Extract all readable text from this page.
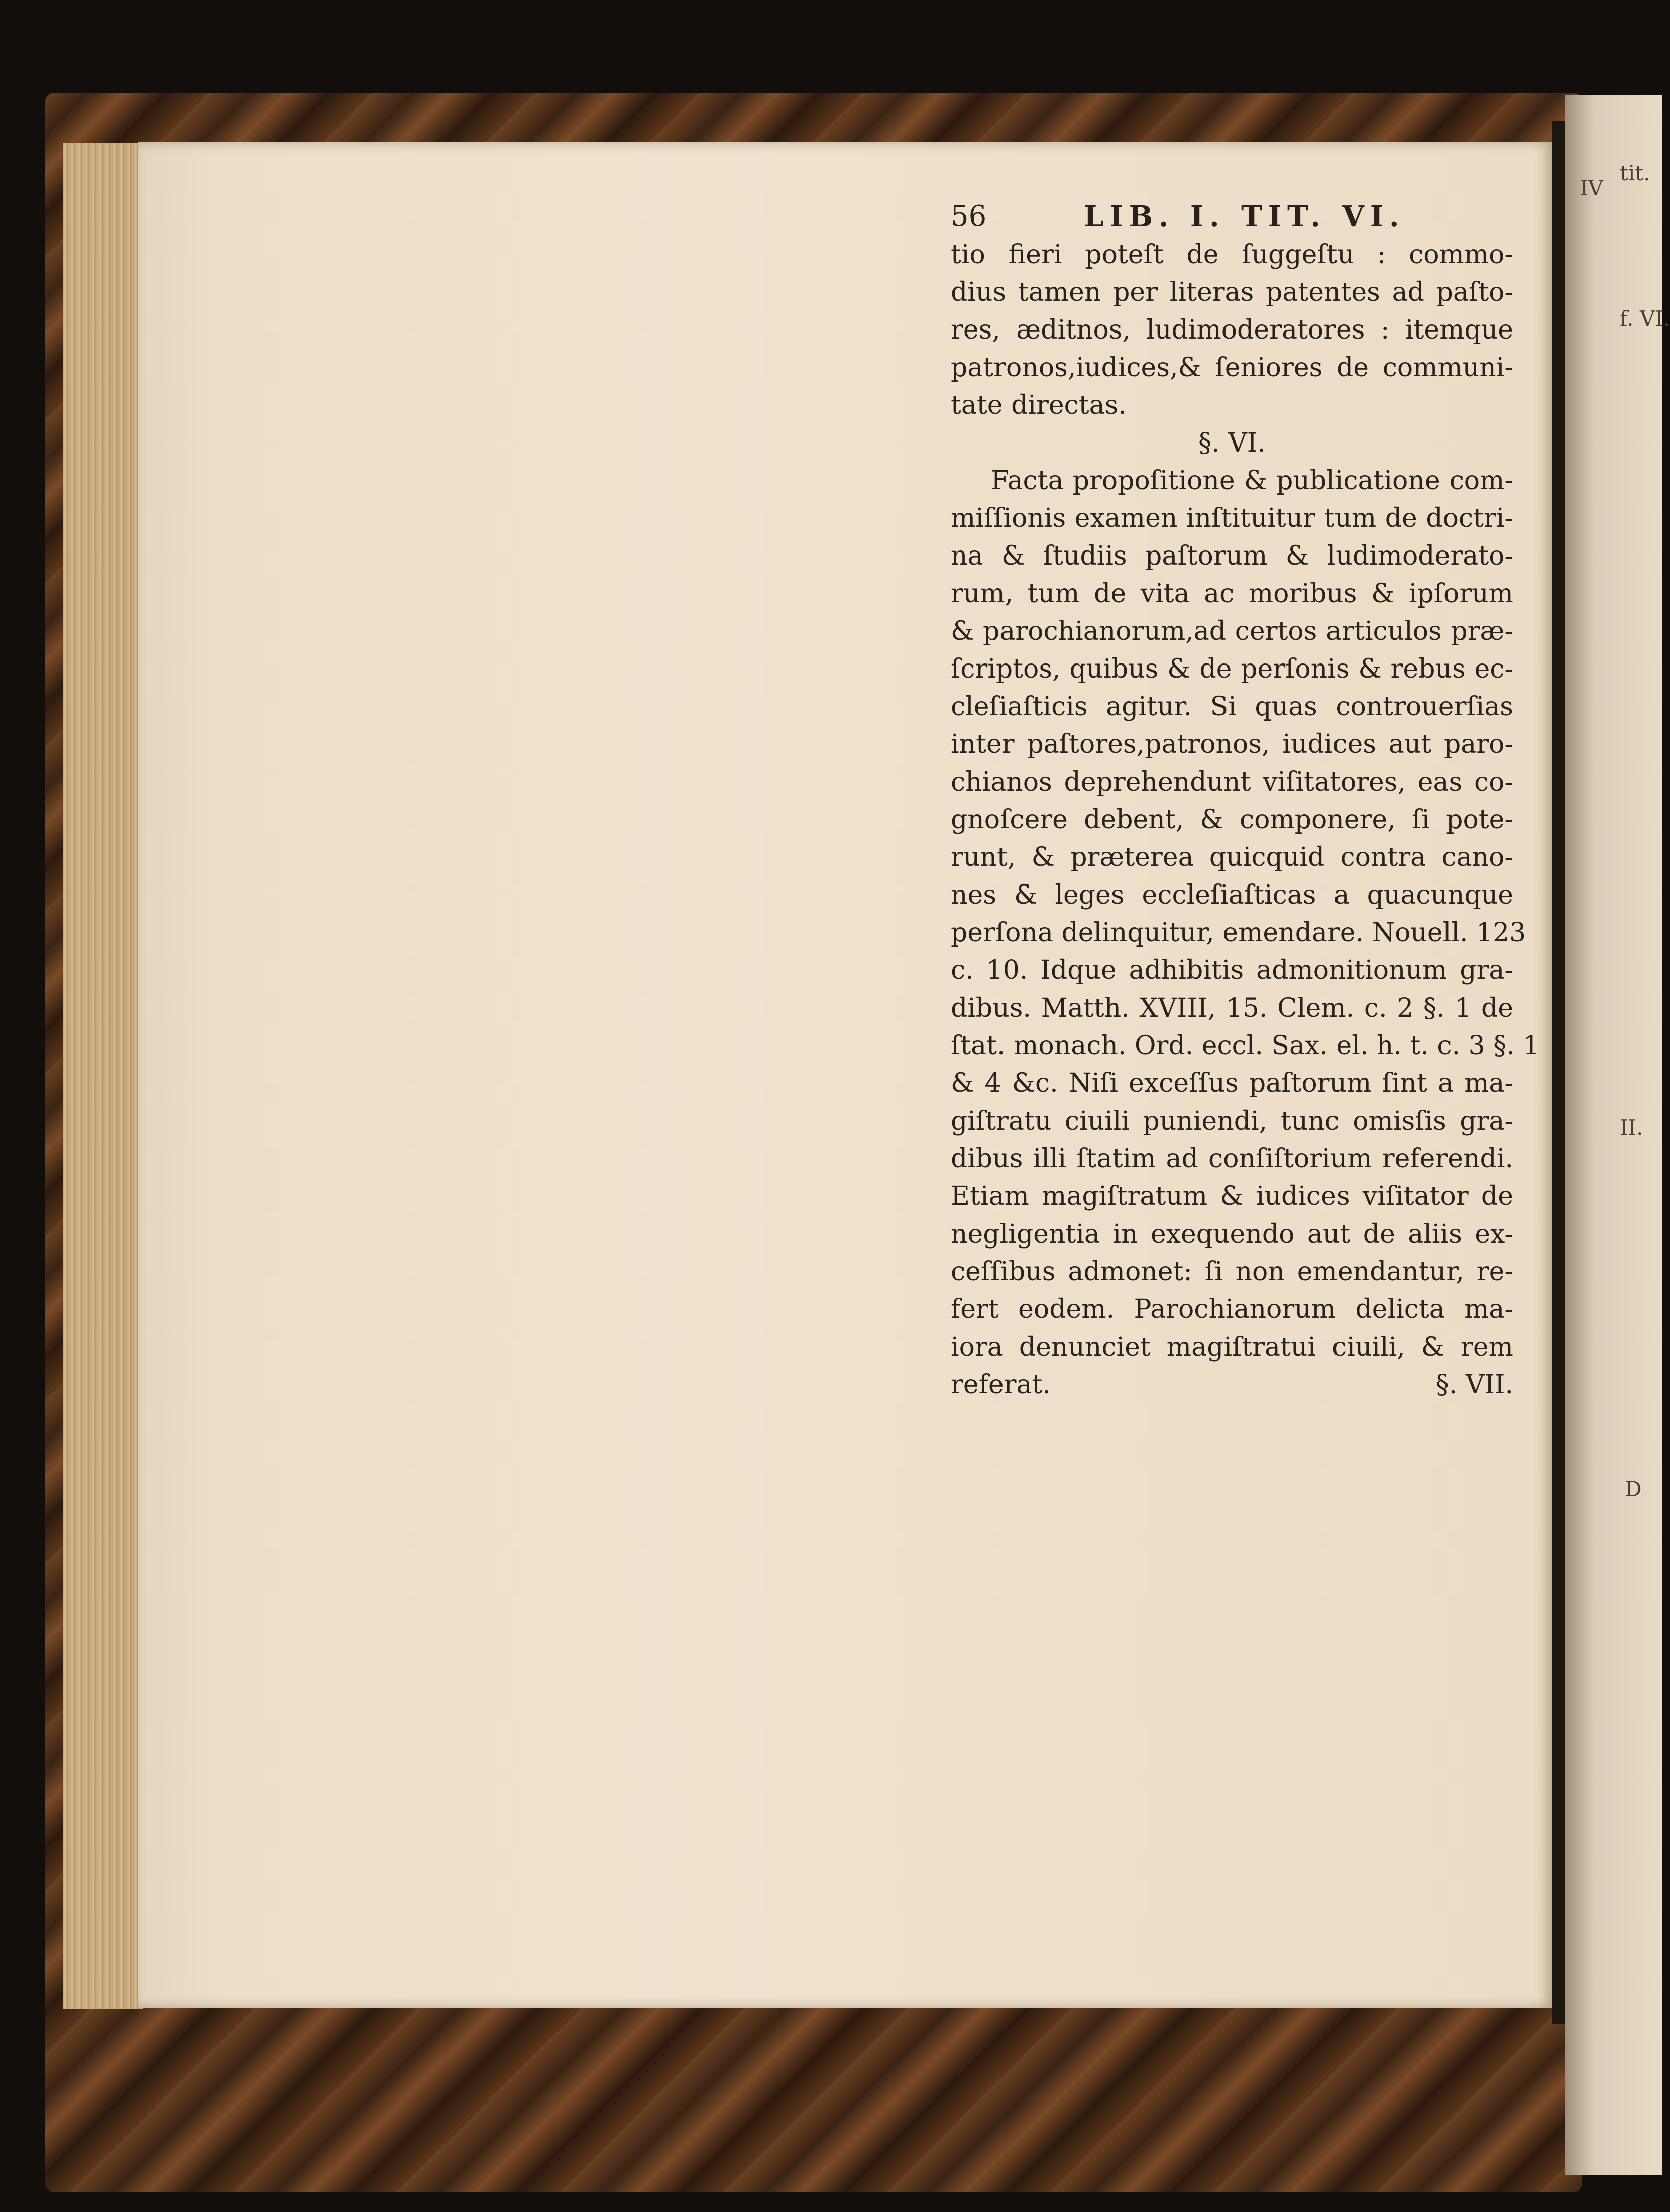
IV
tit.
f. VI.
II.
D
56	LIB. I. TIT. VI.
tio fieri poteſt de ſuggeſtu : commo-
dius tamen per literas patentes ad paſto-
res, æditnos, ludimoderatores : itemque
patronos,iudices,& ſeniores de communi-
tate directas.
§. VI.
Facta propoſitione & publicatione com-
miſſionis examen inſtituitur tum de doctri-
na & ſtudiis paſtorum & ludimoderato-
rum, tum de vita ac moribus & ipſorum
& parochianorum,ad certos articulos præ-
ſcriptos, quibus & de perſonis & rebus ec-
cleſiaſticis agitur. Si quas controuerſias
inter paſtores,patronos, iudices aut paro-
chianos deprehendunt viſitatores, eas co-
gnoſcere debent, & componere, ſi pote-
runt, & præterea quicquid contra cano-
nes & leges eccleſiaſticas a quacunque
perſona delinquitur, emendare. Nouell. 123
c. 10. Idque adhibitis admonitionum gra-
dibus. Matth. XVIII, 15. Clem. c. 2 §. 1 de
ſtat. monach. Ord. eccl. Sax. el. h. t. c. 3 §. 1
& 4 &c. Niſi exceſſus paſtorum ſint a ma-
giſtratu ciuili puniendi, tunc omisſis gra-
dibus illi ſtatim ad conſiſtorium referendi.
Etiam magiſtratum & iudices viſitator de
negligentia in exequendo aut de aliis ex-
ceſſibus admonet: ſi non emendantur, re-
fert eodem. Parochianorum delicta ma-
iora denunciet magiſtratui ciuili, & rem
referat.	§. VII.
